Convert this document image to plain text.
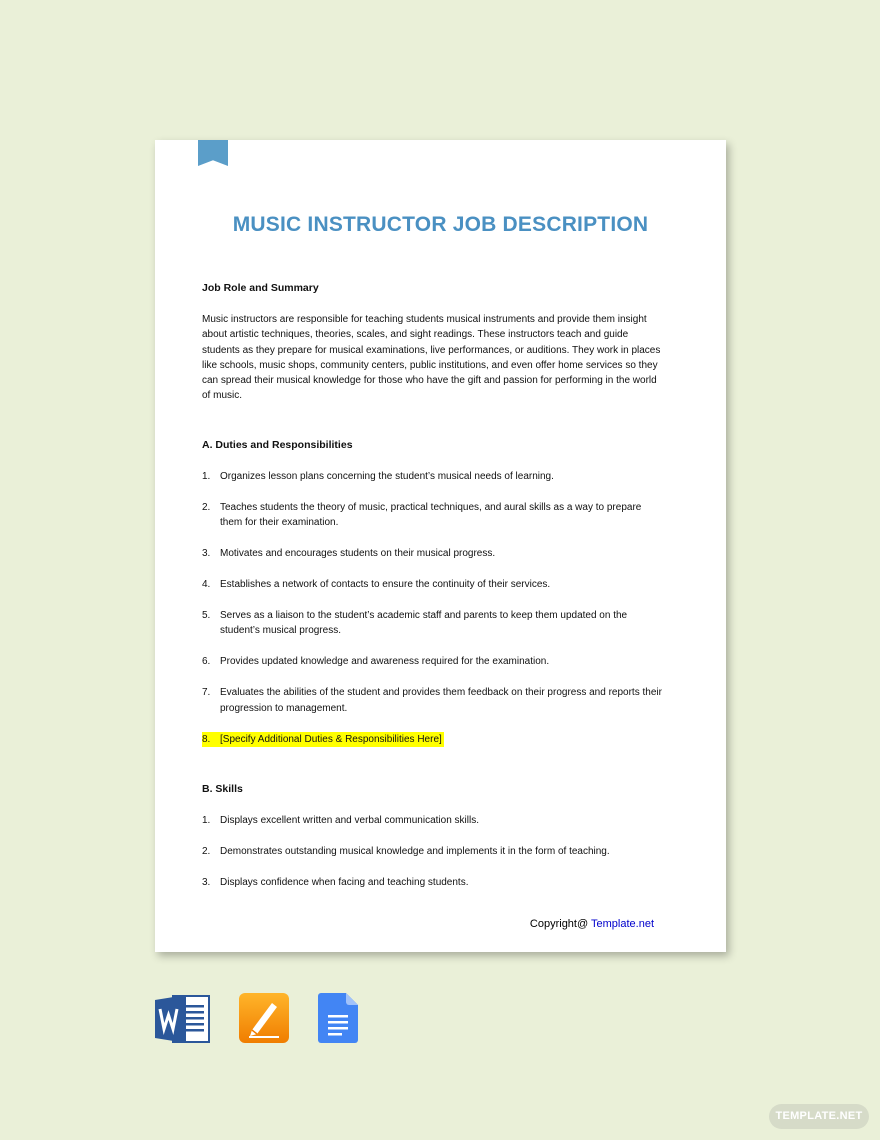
MUSIC INSTRUCTOR JOB DESCRIPTION

Job Role and Summary

Music instructors are responsible for teaching students musical instruments and provide them insight about artistic techniques, theories, scales, and sight readings. These instructors teach and guide students as they prepare for musical examinations, live performances, or auditions. They work in places like schools, music shops, community centers, public institutions, and even offer home services so they can spread their musical knowledge for those who have the gift and passion for performing in the world of music.

A. Duties and Responsibilities

1. Organizes lesson plans concerning the student’s musical needs of learning.
2. Teaches students the theory of music, practical techniques, and aural skills as a way to prepare them for their examination.
3. Motivates and encourages students on their musical progress.
4. Establishes a network of contacts to ensure the continuity of their services.
5. Serves as a liaison to the student’s academic staff and parents to keep them updated on the student’s musical progress.
6. Provides updated knowledge and awareness required for the examination.
7. Evaluates the abilities of the student and provides them feedback on their progress and reports their progression to management.
8. [Specify Additional Duties & Responsibilities Here]

B. Skills

1. Displays excellent written and verbal communication skills.
2. Demonstrates outstanding musical knowledge and implements it in the form of teaching.
3. Displays confidence when facing and teaching students.
Copyright@ Template.net
TEMPLATE.NET
